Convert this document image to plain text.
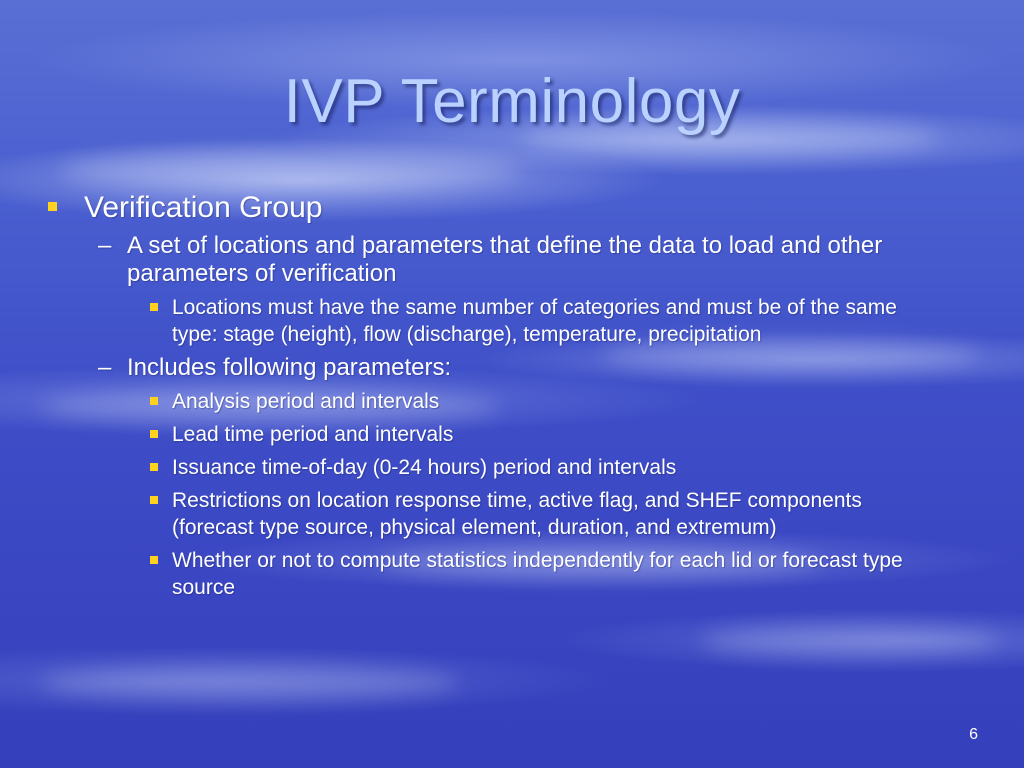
IVP Terminology
Verification Group
– A set of locations and parameters that define the data to load and other parameters of verification
Locations must have the same number of categories and must be of the same type: stage (height), flow (discharge), temperature, precipitation
– Includes following parameters:
Analysis period and intervals
Lead time period and intervals
Issuance time-of-day (0-24 hours) period and intervals
Restrictions on location response time, active flag, and SHEF components (forecast type source, physical element, duration, and extremum)
Whether or not to compute statistics independently for each lid or forecast type source
6
